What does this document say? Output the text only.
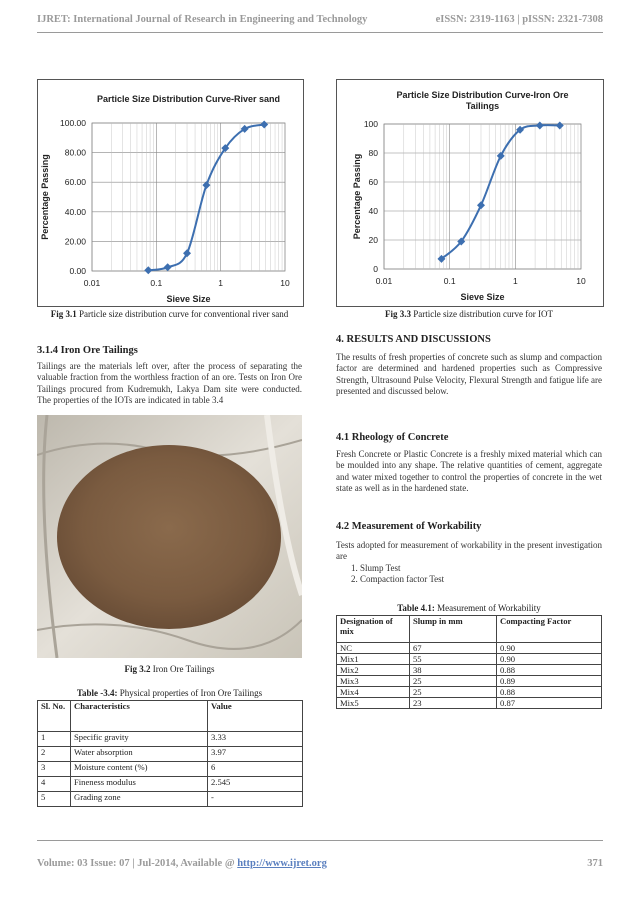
IJRET: International Journal of Research in Engineering and Technology	eISSN: 2319-1163 | pISSN: 2321-7308
Particle Size Distribution Curve-River sand
0.00
20.00
40.00
60.00
80.00
100.00
0.01	0.1	1	10
Sieve Size
Percentage Passing
Particle Size Distribution Curve-Iron Ore
Tailings
0
20
40
60
80
100
0.01	0.1	1	10
Sieve Size
Percentage Passing
Fig 3.1 Particle size distribution curve for conventional river sand
3.1.4 Iron Ore Tailings
Tailings are the materials left over, after the process of separating the valuable fraction from the worthless fraction of an ore. Tests on Iron Ore Tailings procured from Kudremukh, Lakya Dam site were conducted. The properties of the IOTs are indicated in table 3.4
Fig 3.2 Iron Ore Tailings
Table -3.4: Physical properties of Iron Ore Tailings
Sl. No.	Characteristics	Value
1	Specific gravity	3.33
2	Water absorption	3.97
3	Moisture content (%)	6
4	Fineness modulus	2.545
5	Grading zone	-
Fig 3.3 Particle size distribution curve for IOT
4. RESULTS AND DISCUSSIONS
The results of fresh properties of concrete such as slump and compaction factor are determined and hardened properties such as Compressive Strength, Ultrasound Pulse Velocity, Flexural Strength and fatigue life are presented and discussed below.
4.1 Rheology of Concrete
Fresh Concrete or Plastic Concrete is a freshly mixed material which can be moulded into any shape. The relative quantities of cement, aggregate and water mixed together to control the properties of concrete in the wet state as well as in the hardened state.
4.2 Measurement of Workability
Tests adopted for measurement of workability in the present investigation are
1. Slump Test
2. Compaction factor Test
Table 4.1: Measurement of Workability
Designation of mix	Slump in mm	Compacting Factor
NC	67	0.90
Mix1	55	0.90
Mix2	38	0.88
Mix3	25	0.89
Mix4	25	0.88
Mix5	23	0.87
Volume: 03 Issue: 07 | Jul-2014, Available @ http://www.ijret.org	371
